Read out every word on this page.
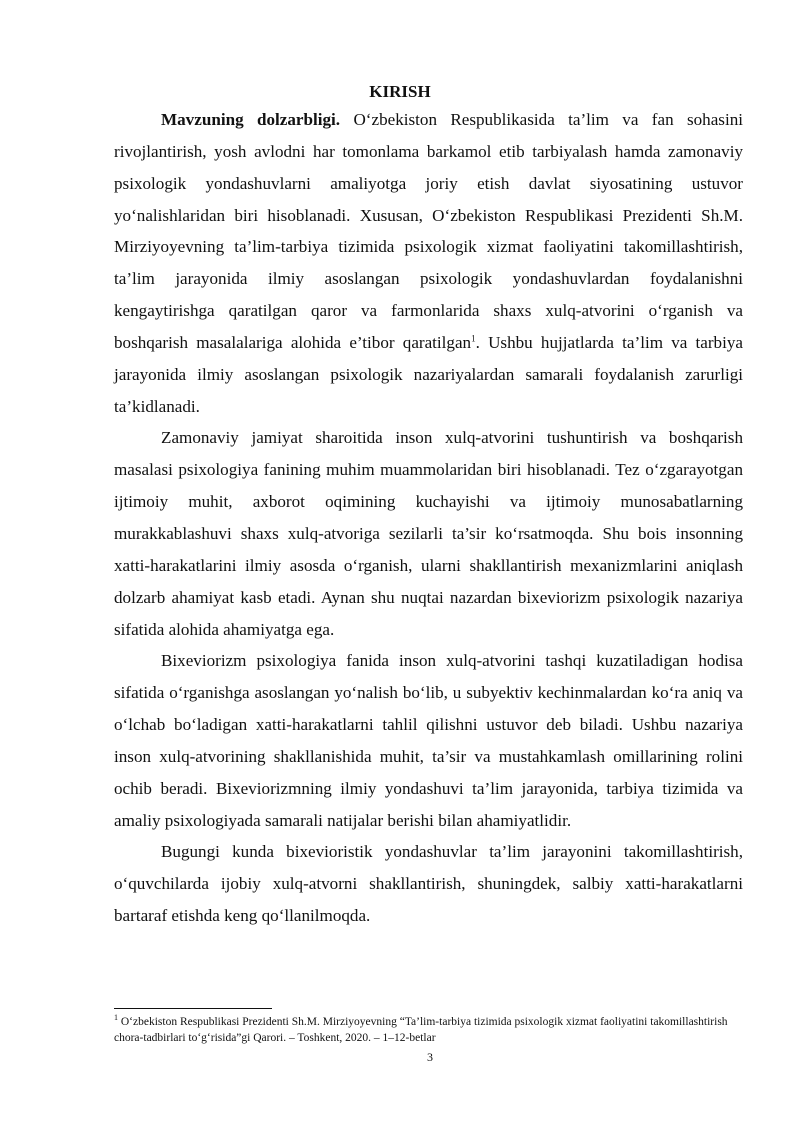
KIRISH

Mavzuning dolzarbligi. O‘zbekiston Respublikasida ta’lim va fan sohasini rivojlantirish, yosh avlodni har tomonlama barkamol etib tarbiyalash hamda zamonaviy psixologik yondashuvlarni amaliyotga joriy etish davlat siyosatining ustuvor yo‘nalishlaridan biri hisoblanadi. Xususan, O‘zbekiston Respublikasi Prezidenti Sh.M. Mirziyoyevning ta’lim-tarbiya tizimida psixologik xizmat faoliyatini takomillashtirish, ta’lim jarayonida ilmiy asoslangan psixologik yondashuvlardan foydalanishni kengaytirishga qaratilgan qaror va farmonlarida shaxs xulq-atvorini o‘rganish va boshqarish masalalariga alohida e’tibor qaratilgan$^1$. Ushbu hujjatlarda ta’lim va tarbiya jarayonida ilmiy asoslangan psixologik nazariyalardan samarali foydalanish zarurligi ta’kidlanadi.

Zamonaviy jamiyat sharoitida inson xulq-atvorini tushuntirish va boshqarish masalasi psixologiya fanining muhim muammolaridan biri hisoblanadi. Tez o‘zgarayotgan ijtimoiy muhit, axborot oqimining kuchayishi va ijtimoiy munosabatlarning murakkablashuvi shaxs xulq-atvoriga sezilarli ta’sir ko‘rsatmoqda. Shu bois insonning xatti-harakatlarini ilmiy asosda o‘rganish, ularni shakllantirish mexanizmlarini aniqlash dolzarb ahamiyat kasb etadi. Aynan shu nuqtai nazardan bixeviorizm psixologik nazariya sifatida alohida ahamiyatga ega.

Bixeviorizm psixologiya fanida inson xulq-atvorini tashqi kuzatiladigan hodisa sifatida o‘rganishga asoslangan yo‘nalish bo‘lib, u subyektiv kechinmalardan ko‘ra aniq va o‘lchab bo‘ladigan xatti-harakatlarni tahlil qilishni ustuvor deb biladi. Ushbu nazariya inson xulq-atvorining shakllanishida muhit, ta’sir va mustahkamlash omillarining rolini ochib beradi. Bixeviorizmning ilmiy yondashuvi ta’lim jarayonida, tarbiya tizimida va amaliy psixologiyada samarali natijalar berishi bilan ahamiyatlidir.

Bugungi kunda bixevioristik yondashuvlar ta’lim jarayonini takomillashtirish, o‘quvchilarda ijobiy xulq-atvorni shakllantirish, shuningdek, salbiy xatti-harakatlarni bartaraf etishda keng qo‘llanilmoqda.

$^1$ O‘zbekiston Respublikasi Prezidenti Sh.M. Mirziyoyevning “Ta’lim-tarbiya tizimida psixologik xizmat faoliyatini takomillashtirish chora-tadbirlari to‘g‘risida”gi Qarori. – Toshkent, 2020. – 1–12-betlar
3
